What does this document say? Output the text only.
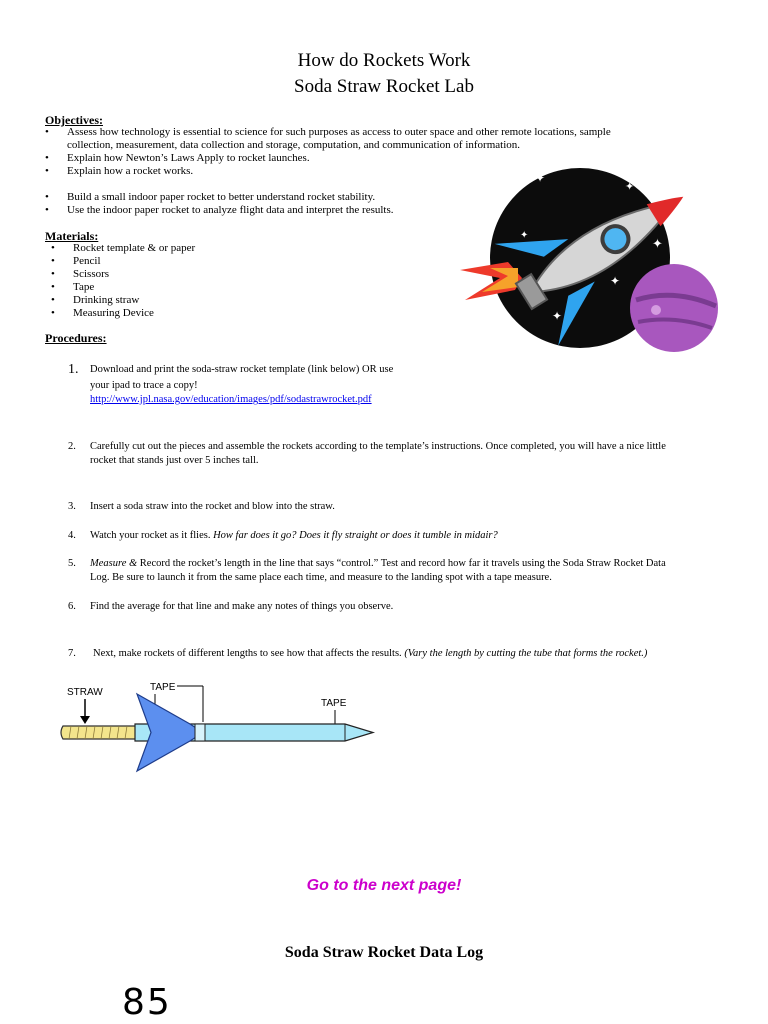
How do Rockets Work
Soda Straw Rocket Lab
Objectives:
• Assess how technology is essential to science for such purposes as access to outer space and other remote locations, sample
collection, measurement, data collection and storage, computation, and communication of information.
• Explain how Newton’s Laws Apply to rocket launches.
• Explain how a rocket works.
• Build a small indoor paper rocket to better understand rocket stability.
• Use the indoor paper rocket to analyze flight data and interpret the results.
Materials:
• Rocket template & or paper
• Pencil
• Scissors
• Tape
• Drinking straw
• Measuring Device
✦
✦
✦
✦
✦
✦
✦
Procedures:
1. Download and print the soda-straw rocket template (link below) OR use
your ipad to trace a copy!
http://www.jpl.nasa.gov/education/images/pdf/sodastrawrocket.pdf
2. Carefully cut out the pieces and assemble the rockets according to the template’s instructions. Once completed, you will have a nice little
rocket that stands just over 5 inches tall.
3. Insert a soda straw into the rocket and blow into the straw.
4. Watch your rocket as it flies. How far does it go? Does it fly straight or does it tumble in midair?
5. Measure & Record the rocket’s length in the line that says “control.” Test and record how far it travels using the Soda Straw Rocket Data
Log. Be sure to launch it from the same place each time, and measure to the landing spot with a tape measure.
6. Find the average for that line and make any notes of things you observe.
7. Next, make rockets of different lengths to see how that affects the results. (Vary the length by cutting the tube that forms the rocket.)
STRAW	TAPE
TAPE
Go to the next page!
Soda Straw Rocket Data Log
85
